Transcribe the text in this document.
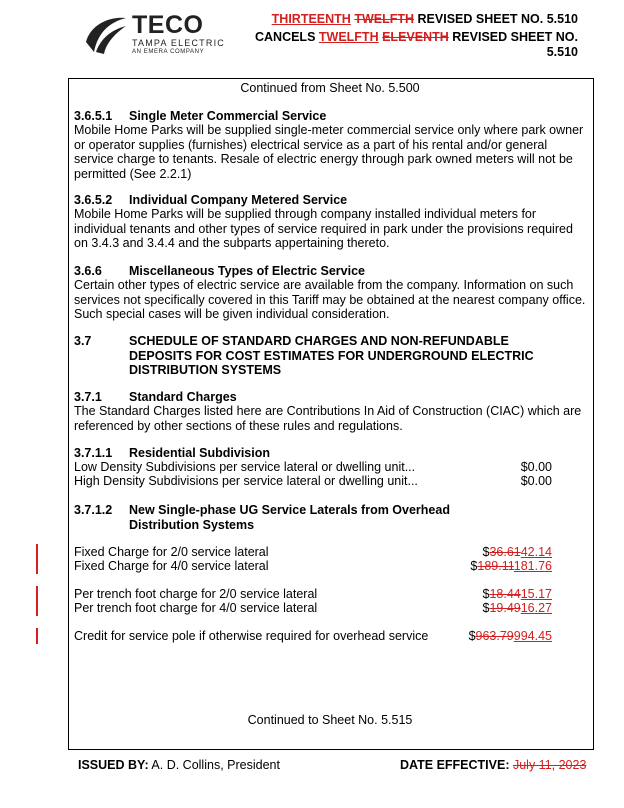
TECO
TAMPA ELECTRIC
AN EMERA COMPANY
THIRTEENTH TWELFTH REVISED SHEET NO. 5.510
CANCELS TWELFTH ELEVENTH REVISED SHEET NO.
5.510
Continued from Sheet No. 5.500
3.6.5.1 Single Meter Commercial Service
Mobile Home Parks will be supplied single-meter commercial service only where park owner or operator supplies (furnishes) electrical service as a part of his rental and/or general service charge to tenants. Resale of electric energy through park owned meters will not be permitted (See 2.2.1)
3.6.5.2 Individual Company Metered Service
Mobile Home Parks will be supplied through company installed individual meters for individual tenants and other types of service required in park under the provisions required on 3.4.3 and 3.4.4 and the subparts appertaining thereto.
3.6.6 Miscellaneous Types of Electric Service
Certain other types of electric service are available from the company. Information on such services not specifically covered in this Tariff may be obtained at the nearest company office. Such special cases will be given individual consideration.
3.7	SCHEDULE OF STANDARD CHARGES AND NON-REFUNDABLE
DEPOSITS FOR COST ESTIMATES FOR UNDERGROUND ELECTRIC
DISTRIBUTION SYSTEMS
3.7.1 Standard Charges
The Standard Charges listed here are Contributions In Aid of Construction (CIAC) which are referenced by other sections of these rules and regulations.
3.7.1.1 Residential Subdivision
Low Density Subdivisions per service lateral or dwelling unit...	$0.00
High Density Subdivisions per service lateral or dwelling unit...	$0.00
3.7.1.2 New Single-phase UG Service Laterals from Overhead
Distribution Systems
Fixed Charge for 2/0 service lateral	$36.6142.14
Fixed Charge for 4/0 service lateral	$189.11181.76
Per trench foot charge for 2/0 service lateral	$18.4415.17
Per trench foot charge for 4/0 service lateral	$19.4916.27
Credit for service pole if otherwise required for overhead service	$963.79994.45
Continued to Sheet No. 5.515
ISSUED BY: A. D. Collins, President	DATE EFFECTIVE: July 11, 2023
